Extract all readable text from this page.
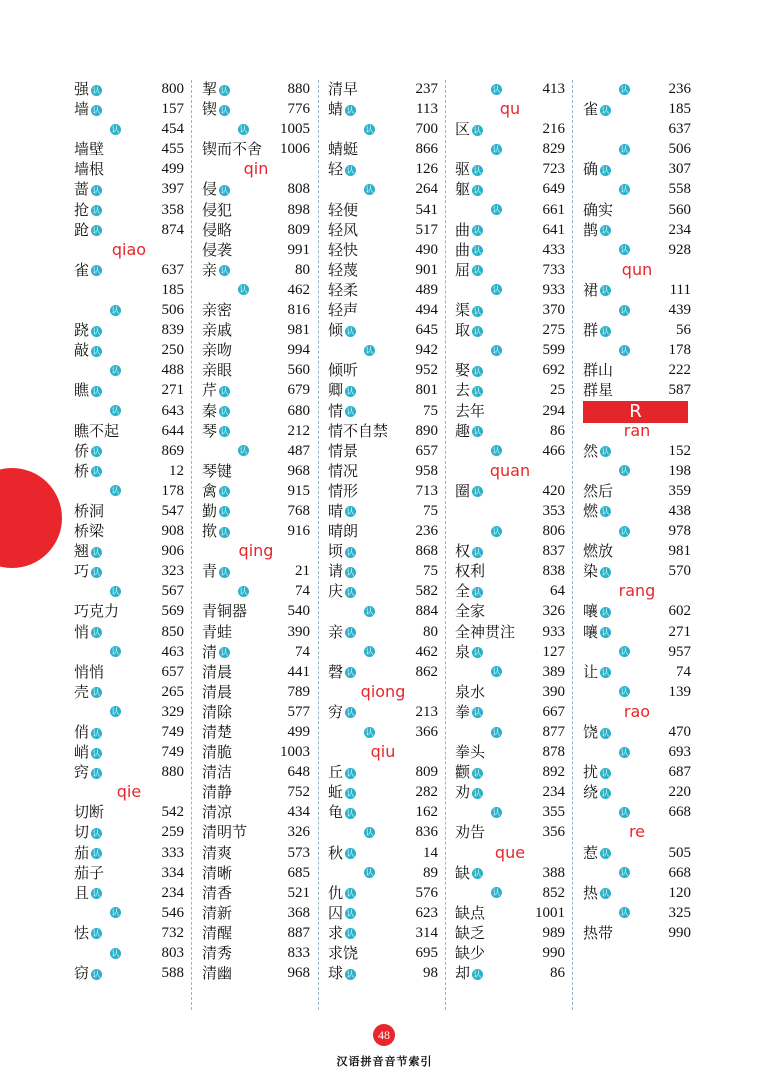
强 认	800
墙 认	157
认	454
墙壁	455
墙根	499
蔷 认	397
抢 认	358
跄 认	874
qiao
雀 认	637
185
认	506
跷 认	839
敲 认	250
认	488
瞧 认	271
认	643
瞧不起	644
侨 认	869
桥 认	12
认	178
桥洞	547
桥梁	908
翘 认	906
巧 认	323
认	567
巧克力	569
悄 认	850
认	463
悄悄	657
壳 认	265
认	329
俏 认	749
峭 认	749
窍 认	880
qie
切断	542
切 认	259
茄 认	333
茄子	334
且 认	234
认	546
怯 认	732
认	803
窃 认	588
挈 认	880
锲 认	776
认 1005
锲而不舍 1006
qin
侵 认	808
侵犯	898
侵略	809
侵袭	991
亲 认	80
认	462
亲密	816
亲戚	981
亲吻	994
亲眼	560
芹 认	679
秦 认	680
琴 认	212
认	487
琴键	968
禽 认	915
勤 认	768
揿 认	916
qing
青 认	21
认	74
青铜器	540
青蛙	390
清 认	74
清晨	441
清晨	789
清除	577
清楚	499
清脆	1003
清洁	648
清静	752
清凉	434
清明节	326
清爽	573
清晰	685
清香	521
清新	368
清醒	887
清秀	833
清幽	968
清早	237
蜻 认	113
认	700
蜻蜓	866
轻 认	126
认	264
轻便	541
轻风	517
轻快	490
轻蔑	901
轻柔	489
轻声	494
倾 认	645
认	942
倾听	952
卿 认	801
情 认	75
情不自禁 890
情景	657
情况	958
情形	713
晴 认	75
晴朗	236
顷 认	868
请 认	75
庆 认	582
认	884
亲 认	80
认	462
磬 认	862
qiong
穷 认	213
认	366
qiu
丘 认	809
蚯 认	282
龟 认	162
认	836
秋 认	14
认	89
仇 认	576
囚 认	623
求 认	314
求饶	695
球 认	98
认	413
qu
区 认	216
认	829
驱 认	723
躯 认	649
认	661
曲 认	641
曲 认	433
屈 认	733
认	933
渠 认	370
取 认	275
认	599
娶 认	692
去 认	25
去年	294
趣 认	86
认	466
quan
圈 认	420
353
认	806
权 认	837
权利	838
全 认	64
全家	326
全神贯注 933
泉 认	127
认	389
泉水	390
拳 认	667
认	877
拳头	878
颧 认	892
劝 认	234
认	355
劝告	356
que
缺 认	388
认	852
缺点	1001
缺乏	989
缺少	990
却 认	86
认	236
雀 认	185
637
认	506
确 认	307
认	558
确实	560
鹊 认	234
认	928
qun
裙 认	111
认	439
群 认	56
认	178
群山	222
群星	587
R
ran
然 认	152
认	198
然后	359
燃 认	438
认	978
燃放	981
染 认	570
rang
嚷 认	602
嚷 认	271
认	957
让 认	74
认	139
rao
饶 认	470
认	693
扰 认	687
绕 认	220
认	668
re
惹 认	505
认	668
热 认	120
认	325
热带	990
48
汉语拼音音节索引
